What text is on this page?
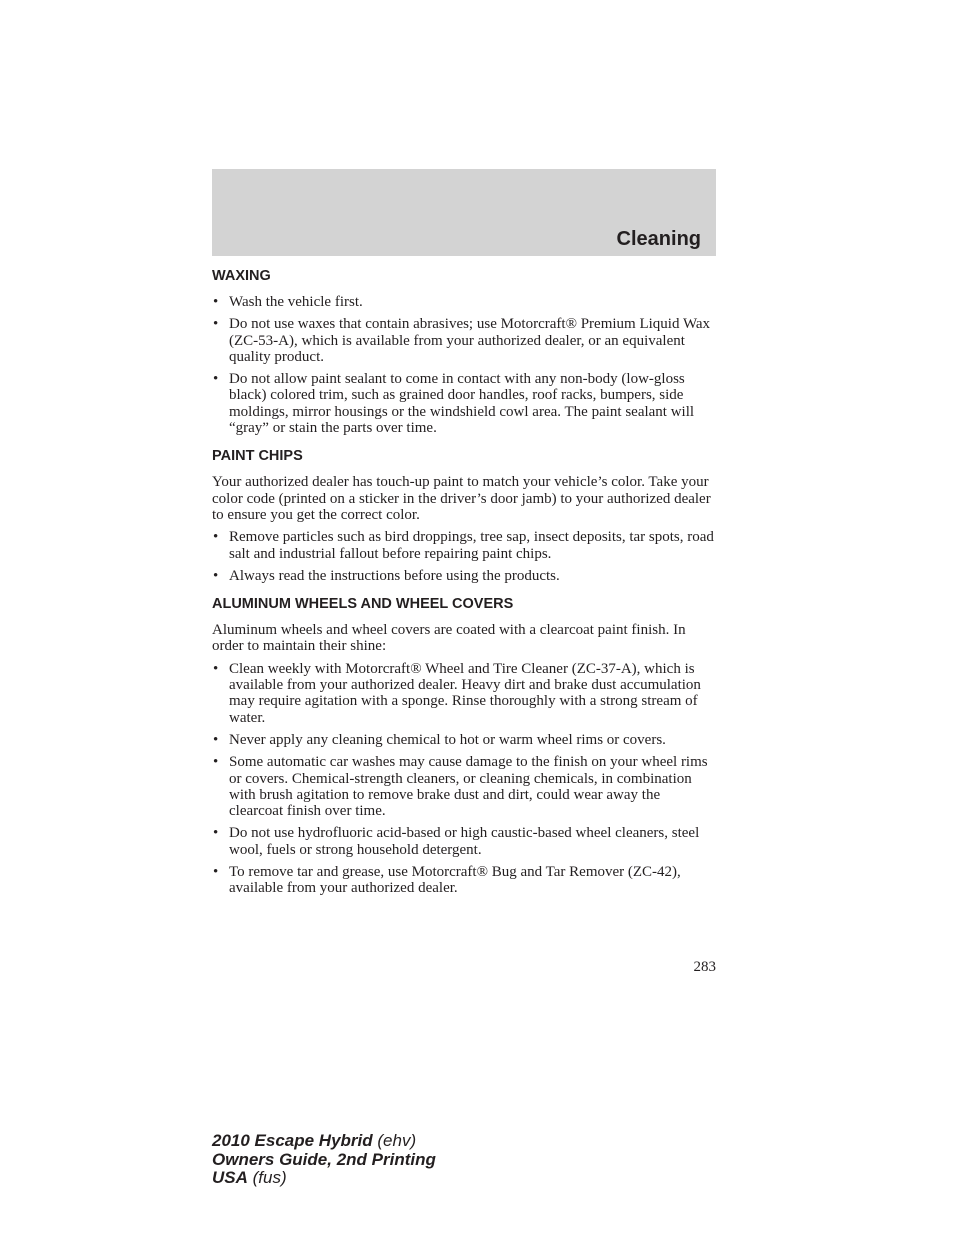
Cleaning
WAXING
• Wash the vehicle first.
• Do not use waxes that contain abrasives; use Motorcraft® Premium Liquid Wax (ZC-53-A), which is available from your authorized dealer, or an equivalent quality product.
• Do not allow paint sealant to come in contact with any non-body (low-gloss black) colored trim, such as grained door handles, roof racks, bumpers, side moldings, mirror housings or the windshield cowl area. The paint sealant will “gray” or stain the parts over time.
PAINT CHIPS

Your authorized dealer has touch-up paint to match your vehicle’s color. Take your color code (printed on a sticker in the driver’s door jamb) to your authorized dealer to ensure you get the correct color.

• Remove particles such as bird droppings, tree sap, insect deposits, tar spots, road salt and industrial fallout before repairing paint chips.
• Always read the instructions before using the products.
ALUMINUM WHEELS AND WHEEL COVERS

Aluminum wheels and wheel covers are coated with a clearcoat paint finish. In order to maintain their shine:

• Clean weekly with Motorcraft® Wheel and Tire Cleaner (ZC-37-A), which is available from your authorized dealer. Heavy dirt and brake dust accumulation may require agitation with a sponge. Rinse thoroughly with a strong stream of water.
• Never apply any cleaning chemical to hot or warm wheel rims or covers.
• Some automatic car washes may cause damage to the finish on your wheel rims or covers. Chemical-strength cleaners, or cleaning chemicals, in combination with brush agitation to remove brake dust and dirt, could wear away the clearcoat finish over time.
• Do not use hydrofluoric acid-based or high caustic-based wheel cleaners, steel wool, fuels or strong household detergent.
• To remove tar and grease, use Motorcraft® Bug and Tar Remover (ZC-42), available from your authorized dealer.
283
2010 Escape Hybrid (ehv)
Owners Guide, 2nd Printing
USA (fus)
